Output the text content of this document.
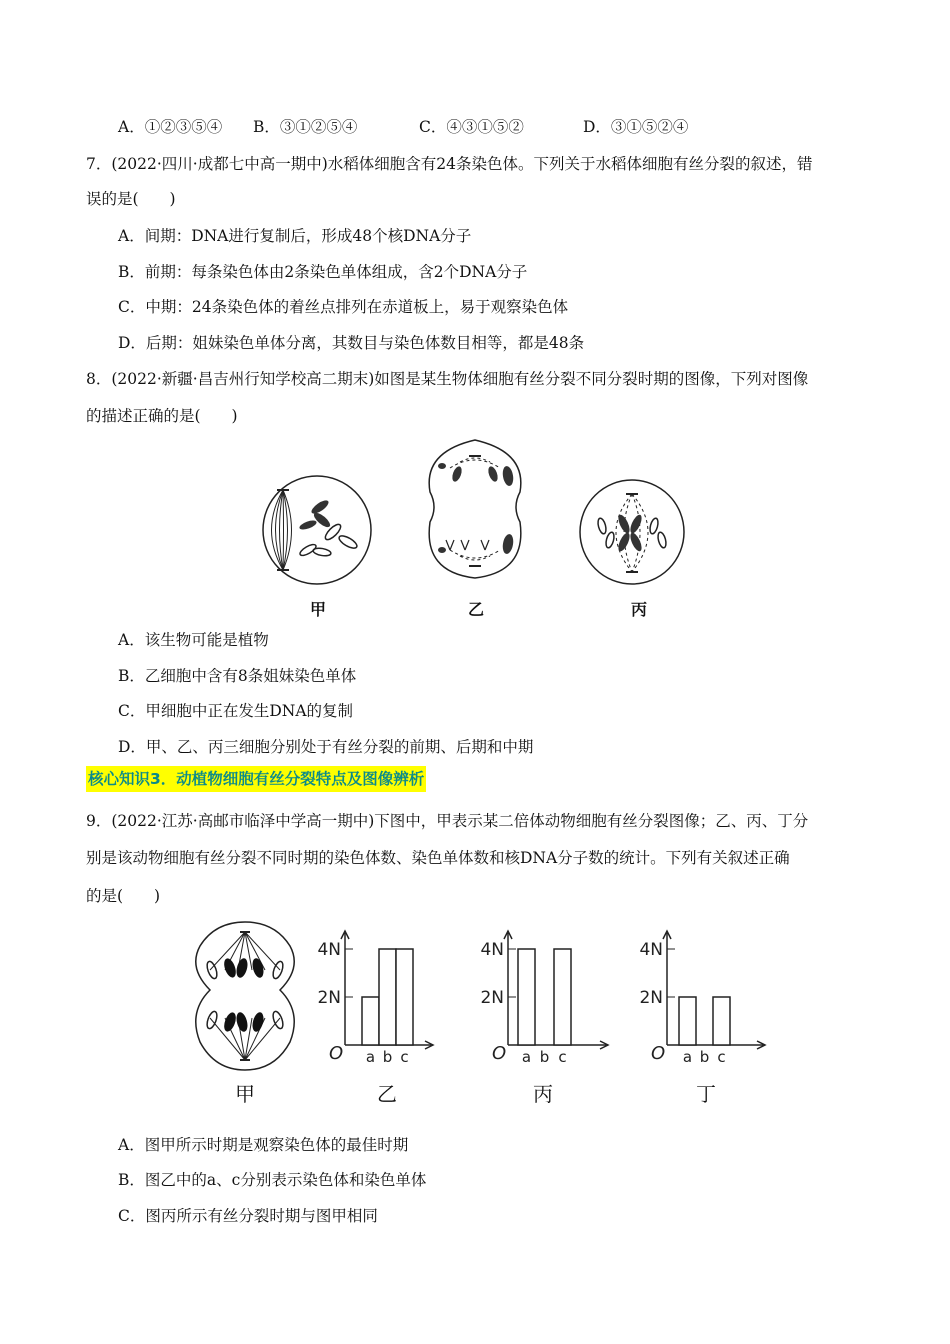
A．①②③⑤④ B．③①②⑤④	C．④③①⑤②	D．③①⑤②④
7．(2022·四川·成都七中高一期中)水稻体细胞含有24条染色体。下列关于水稻体细胞有丝分裂的叙述，错
误的是(　　)
A．间期：DNA进行复制后，形成48个核DNA分子
B．前期：每条染色体由2条染色单体组成，含2个DNA分子
C．中期：24条染色体的着丝点排列在赤道板上，易于观察染色体
D．后期：姐妹染色单体分离，其数目与染色体数目相等，都是48条
8．(2022·新疆·昌吉州行知学校高二期末)如图是某生物体细胞有丝分裂不同分裂时期的图像，下列对图像
的描述正确的是(　　)
甲	乙	丙
A．该生物可能是植物
B．乙细胞中含有8条姐妹染色单体
C．甲细胞中正在发生DNA的复制
D．甲、乙、丙三细胞分别处于有丝分裂的前期、后期和中期
核心知识3．动植物细胞有丝分裂特点及图像辨析
9．(2022·江苏·高邮市临泽中学高一期中)下图中，甲表示某二倍体动物细胞有丝分裂图像；乙、丙、丁分
别是该动物细胞有丝分裂不同时期的染色体数、染色单体数和核DNA分子数的统计。下列有关叙述正确
的是(　　)
2N
4N
O a b c
2N
4N
O a b c
2N
4N
O a b c
甲	乙	丙	丁
A．图甲所示时期是观察染色体的最佳时期
B．图乙中的a、c分别表示染色体和染色单体
C．图丙所示有丝分裂时期与图甲相同
